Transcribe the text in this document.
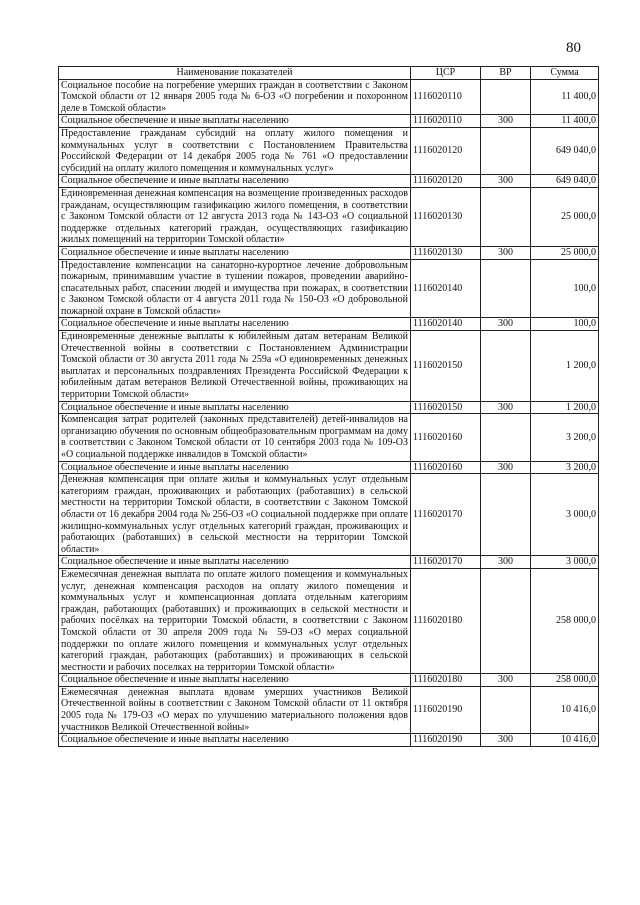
80
Наименование показателей	ЦСР	ВР	Сумма
Социальное пособие на погребение умерших граждан в соответствии с Законом Томской области от 12 января 2005 года № 6-ОЗ «О погребении и похоронном деле в Томской области»	1116020110		11 400,0
Социальное обеспечение и иные выплаты населению	1116020110	300	11 400,0
Предоставление гражданам субсидий на оплату жилого помещения и коммунальных услуг в соответствии с Постановлением Правительства Российской Федерации от 14 декабря 2005 года № 761 «О предоставлении субсидий на оплату жилого помещения и коммунальных услуг»	1116020120		649 040,0
Социальное обеспечение и иные выплаты населению	1116020120	300	649 040,0
Единовременная денежная компенсация на возмещение произведенных расходов гражданам, осуществляющим газификацию жилого помещения, в соответствии с Законом Томской области от 12 августа 2013 года № 143-ОЗ «О социальной поддержке отдельных категорий граждан, осуществляющих газификацию жилых помещений на территории Томской области»	1116020130		25 000,0
Социальное обеспечение и иные выплаты населению	1116020130	300	25 000,0
Предоставление компенсации на санаторно-курортное лечение добровольным пожарным, принимавшим участие в тушении пожаров, проведении аварийно-спасательных работ, спасении людей и имущества при пожарах, в соответствии с Законом Томской области от 4 августа 2011 года № 150-ОЗ «О добровольной пожарной охране в Томской области»	1116020140		100,0
Социальное обеспечение и иные выплаты населению	1116020140	300	100,0
Единовременные денежные выплаты к юбилейным датам ветеранам Великой Отечественной войны в соответствии с Постановлением Администрации Томской области от 30 августа 2011 года № 259а «О единовременных денежных выплатах и персональных поздравлениях Президента Российской Федерации к юбилейным датам ветеранов Великой Отечественной войны, проживающих на территории Томской области»	1116020150		1 200,0
Социальное обеспечение и иные выплаты населению	1116020150	300	1 200,0
Компенсация затрат родителей (законных представителей) детей-инвалидов на организацию обучения по основным общеобразовательным программам на дому в соответствии с Законом Томской области от 10 сентября 2003 года № 109-ОЗ «О социальной поддержке инвалидов в Томской области»	1116020160		3 200,0
Социальное обеспечение и иные выплаты населению	1116020160	300	3 200,0
Денежная компенсация при оплате жилья и коммунальных услуг отдельным категориям граждан, проживающих и работающих (работавших) в сельской местности на территории Томской области, в соответствии с Законом Томской области от 16 декабря 2004 года № 256-ОЗ «О социальной поддержке при оплате жилищно-коммунальных услуг отдельных категорий граждан, проживающих и работающих (работавших) в сельской местности на территории Томской области»	1116020170		3 000,0
Социальное обеспечение и иные выплаты населению	1116020170	300	3 000,0
Ежемесячная денежная выплата по оплате жилого помещения и коммунальных услуг, денежная компенсация расходов на оплату жилого помещения и коммунальных услуг и компенсационная доплата отдельным категориям граждан, работающих (работавших) и проживающих в сельской местности и рабочих посёлках на территории Томской области, в соответствии с Законом Томской области от 30 апреля 2009 года № 59-ОЗ «О мерах социальной поддержки по оплате жилого помещения и коммунальных услуг отдельных категорий граждан, работающих (работавших) и проживающих в сельской местности и рабочих поселках на территории Томской области»	1116020180		258 000,0
Социальное обеспечение и иные выплаты населению	1116020180	300	258 000,0
Ежемесячная денежная выплата вдовам умерших участников Великой Отечественной войны в соответствии с Законом Томской области от 11 октября 2005 года № 179-ОЗ «О мерах по улучшению материального положения вдов участников Великой Отечественной войны»	1116020190		10 416,0
Социальное обеспечение и иные выплаты населению	1116020190	300	10 416,0
